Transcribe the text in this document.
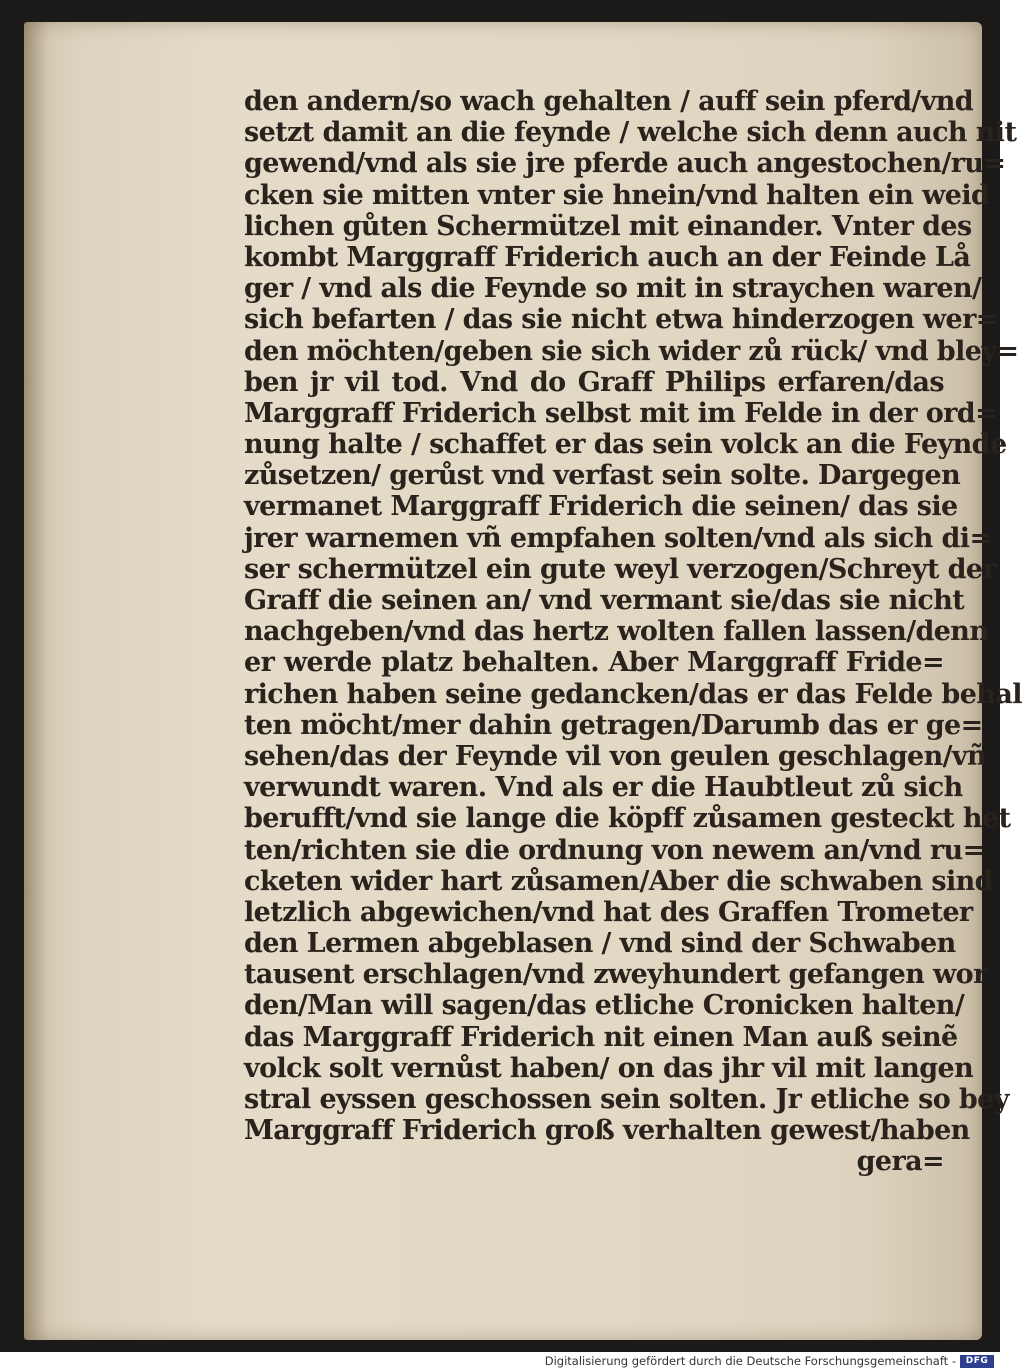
den andern/so wach gehalten / auff sein pferd/vnd
setzt damit an die feynde / welche sich denn auch nit
gewend/vnd als sie jre pferde auch angestochen/ru=
cken sie mitten vnter sie hnein/vnd halten ein weid
lichen gůten Schermützel mit einander. Vnter des
kombt Marggraff Friderich auch an der Feinde Lå
ger / vnd als die Feynde so mit in straychen waren/
sich befarten / das sie nicht etwa hinderzogen wer=
den möchten/geben sie sich wider zů rück/ vnd bley=
ben jr vil tod. Vnd do Graff Philips erfaren/das
Marggraff Friderich selbst mit im Felde in der ord=
nung halte / schaffet er das sein volck an die Feynde
zůsetzen/ gerůst vnd verfast sein solte. Dargegen
vermanet Marggraff Friderich die seinen/ das sie
jrer warnemen vñ empfahen solten/vnd als sich di=
ser schermützel ein gute weyl verzogen/Schreyt der
Graff die seinen an/ vnd vermant sie/das sie nicht
nachgeben/vnd das hertz wolten fallen lassen/denn
er werde platz behalten. Aber Marggraff Fride=
richen haben seine gedancken/das er das Felde behal
ten möcht/mer dahin getragen/Darumb das er ge=
sehen/das der Feynde vil von geulen geschlagen/vñ
verwundt waren. Vnd als er die Haubtleut zů sich
berufft/vnd sie lange die köpff zůsamen gesteckt het
ten/richten sie die ordnung von newem an/vnd ru=
cketen wider hart zůsamen/Aber die schwaben sind
letzlich abgewichen/vnd hat des Graffen Trometer
den Lermen abgeblasen / vnd sind der Schwaben
tausent erschlagen/vnd zweyhundert gefangen wor
den/Man will sagen/das etliche Cronicken halten/
das Marggraff Friderich nit einen Man auß seinẽ
volck solt vernůst haben/ on das jhr vil mit langen
stral eyssen geschossen sein solten. Jr etliche so bey
Marggraff Friderich groß verhalten gewest/haben
gera=
Digitalisierung gefördert durch die Deutsche Forschungsgemeinschaft -	DFG
